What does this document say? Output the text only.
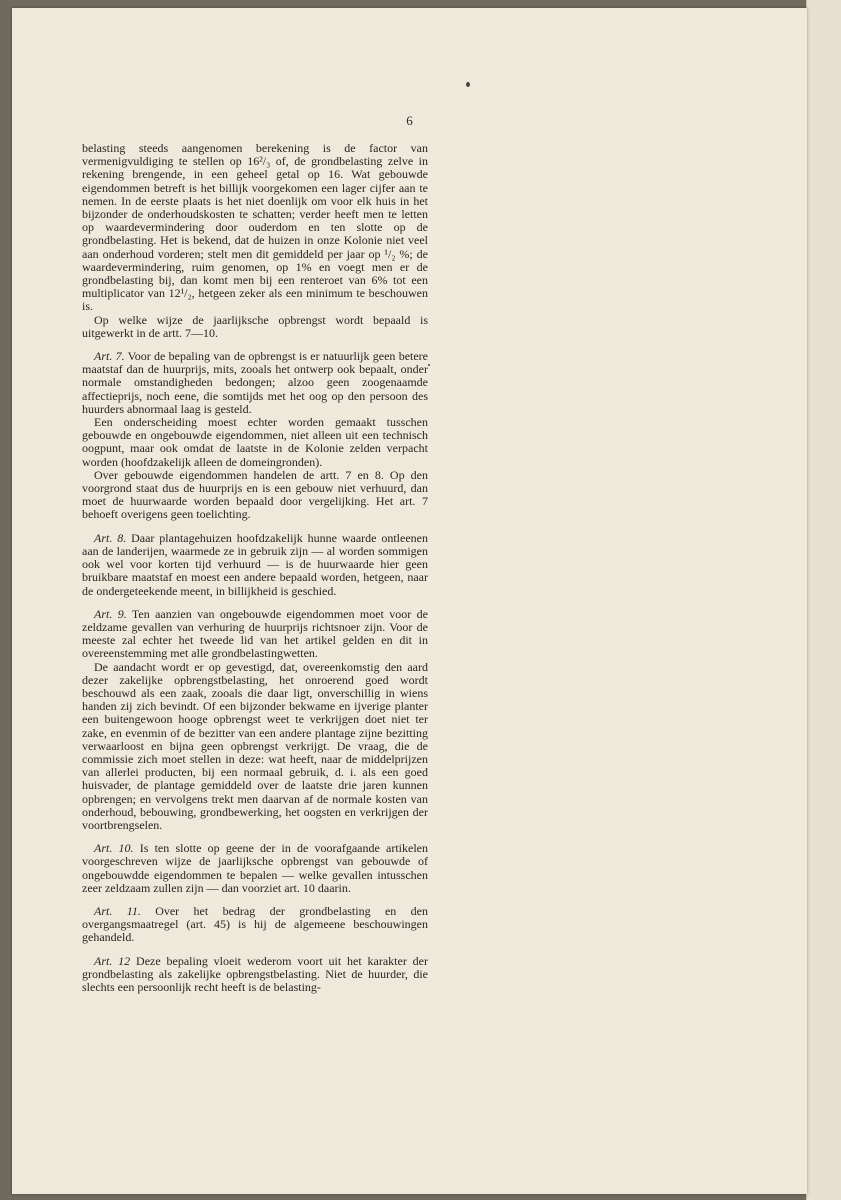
6

belasting steeds aangenomen berekening is de factor van vermenigvuldiging te stellen op 16²/₃ of, de grondbelasting zelve in rekening brengende, in een geheel getal op 16. Wat gebouwde eigendommen betreft is het billijk voorgekomen een lager cijfer aan te nemen. In de eerste plaats is het niet doenlijk om voor elk huis in het bijzonder de onderhoudskosten te schatten; verder heeft men te letten op waardevermindering door ouderdom en ten slotte op de grondbelasting. Het is bekend, dat de huizen in onze Kolonie niet veel aan onderhoud vorderen; stelt men dit gemiddeld per jaar op ¹/₂ %; de waardevermindering, ruim genomen, op 1% en voegt men er de grondbelasting bij, dan komt men bij een renteroet van 6% tot een multiplicator van 12¹/₂, hetgeen zeker als een minimum te beschouwen is.

Op welke wijze de jaarlijksche opbrengst wordt bepaald is uitgewerkt in de artt. 7—10.

Art. 7. Voor de bepaling van de opbrengst is er natuurlijk geen betere maatstaf dan de huurprijs, mits, zooals het ontwerp ook bepaalt, onder normale omstandigheden bedongen; alzoo geen zoogenaamde affectieprijs, noch eene, die somtijds met het oog op den persoon des huurders abnormaal laag is gesteld.

Een onderscheiding moest echter worden gemaakt tusschen gebouwde en ongebouwde eigendommen, niet alleen uit een technisch oogpunt, maar ook omdat de laatste in de Kolonie zelden verpacht worden (hoofdzakelijk alleen de domeingronden).

Over gebouwde eigendommen handelen de artt. 7 en 8. Op den voorgrond staat dus de huurprijs en is een gebouw niet verhuurd, dan moet de huurwaarde worden bepaald door vergelijking. Het art. 7 behoeft overigens geen toelichting.

Art. 8. Daar plantagehuizen hoofdzakelijk hunne waarde ontleenen aan de landerijen, waarmede ze in gebruik zijn — al worden sommigen ook wel voor korten tijd verhuurd — is de huurwaarde hier geen bruikbare maatstaf en moest een andere bepaald worden, hetgeen, naar de ondergeteekende meent, in billijkheid is geschied.

Art. 9. Ten aanzien van ongebouwde eigendommen moet voor de zeldzame gevallen van verhuring de huurprijs richtsnoer zijn. Voor de meeste zal echter het tweede lid van het artikel gelden en dit in overeenstemming met alle grondbelastingwetten.

De aandacht wordt er op gevestigd, dat, overeenkomstig den aard dezer zakelijke opbrengstbelasting, het onroerend goed wordt beschouwd als een zaak, zooals die daar ligt, onverschillig in wiens handen zij zich bevindt. Of een bijzonder bekwame en ijverige planter een buitengewoon hooge opbrengst weet te verkrijgen doet niet ter zake, en evenmin of de bezitter van een andere plantage zijne bezitting verwaarloost en bijna geen opbrengst verkrijgt. De vraag, die de commissie zich moet stellen in deze: wat heeft, naar de middelprijzen van allerlei producten, bij een normaal gebruik, d. i. als een goed huisvader, de plantage gemiddeld over de laatste drie jaren kunnen opbrengen; en vervolgens trekt men daarvan af de normale kosten van onderhoud, bebouwing, grondbewerking, het oogsten en verkrijgen der voortbrengselen.

Art. 10. Is ten slotte op geene der in de voorafgaande artikelen voorgeschreven wijze de jaarlijksche opbrengst van gebouwde of ongebouwdde eigendommen te bepalen — welke gevallen intusschen zeer zeldzaam zullen zijn — dan voorziet art. 10 daarin.

Art. 11. Over het bedrag der grondbelasting en den overgangsmaatregel (art. 45) is hij de algemeene beschouwingen gehandeld.

Art. 12 Deze bepaling vloeit wederom voort uit het karakter der grondbelasting als zakelijke opbrengstbelasting. Niet de huurder, die slechts een persoonlijk recht heeft is de belasting-
